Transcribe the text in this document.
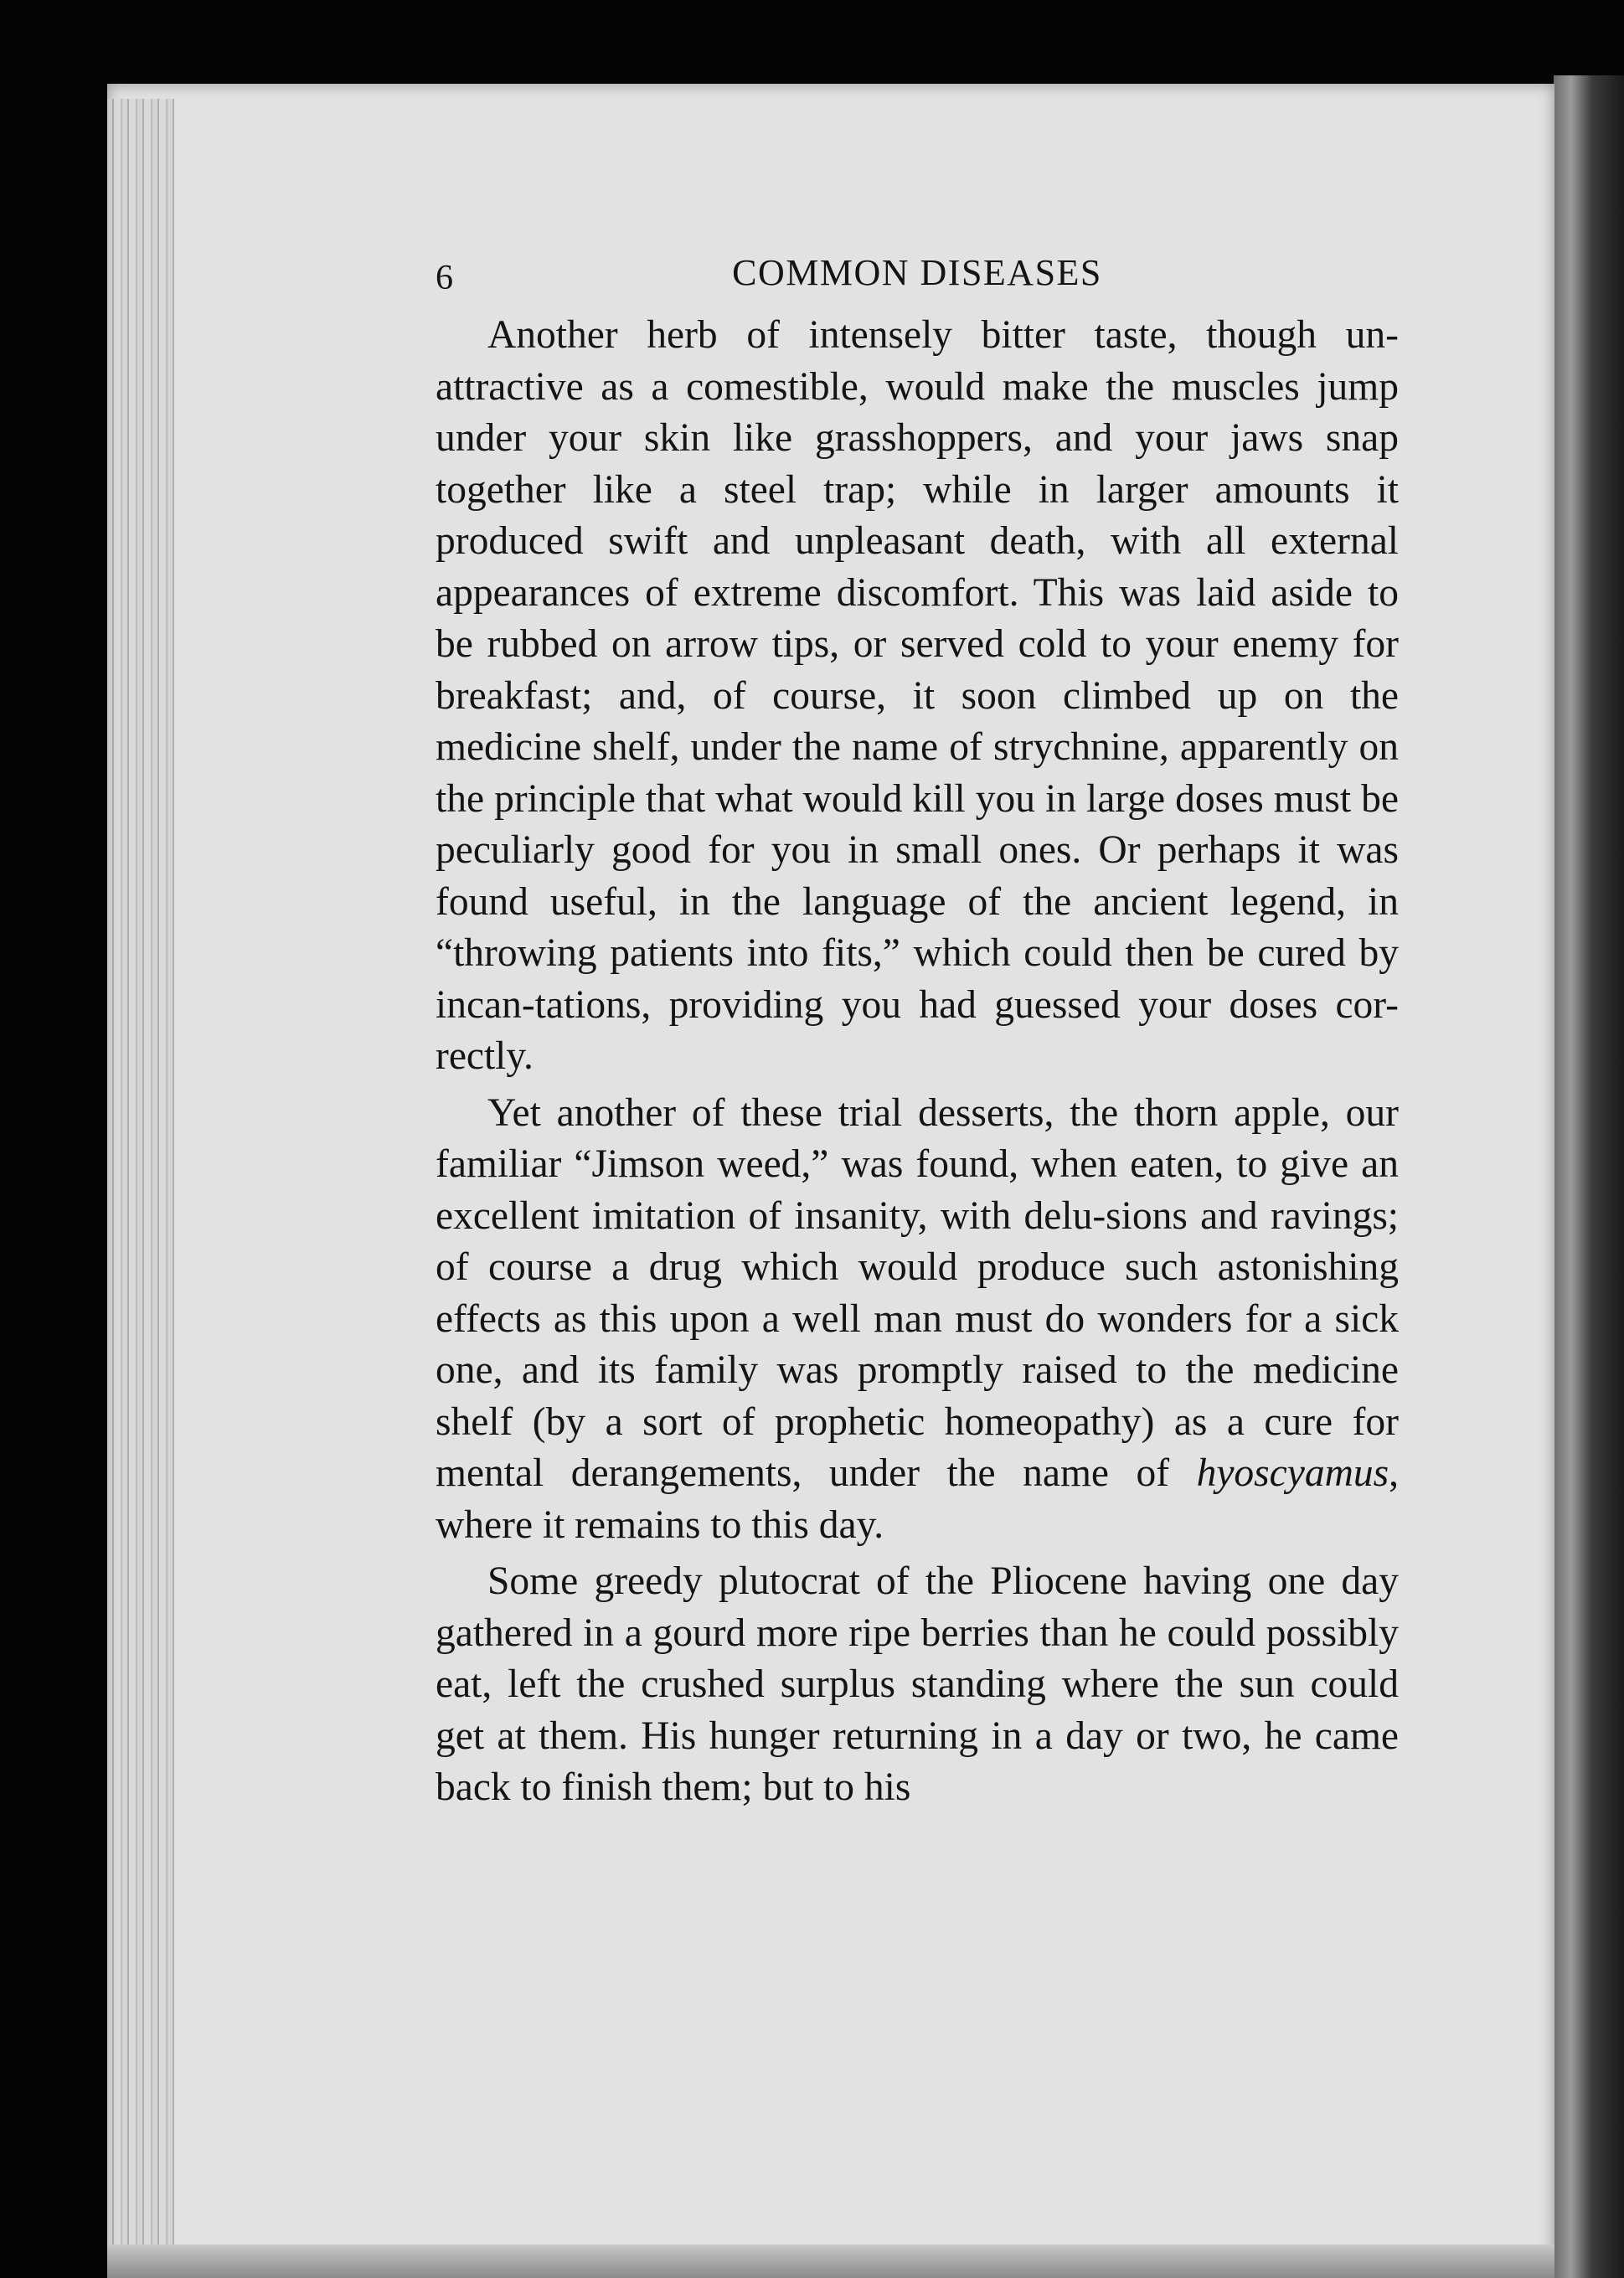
6	COMMON DISEASES

Another herb of intensely bitter taste, though un-attractive as a comestible, would make the muscles jump under your skin like grasshoppers, and your jaws snap together like a steel trap; while in larger amounts it produced swift and unpleasant death, with all external appearances of extreme discomfort. This was laid aside to be rubbed on arrow tips, or served cold to your enemy for breakfast; and, of course, it soon climbed up on the medicine shelf, under the name of strychnine, apparently on the principle that what would kill you in large doses must be peculiarly good for you in small ones. Or perhaps it was found useful, in the language of the ancient legend, in “throwing patients into fits,” which could then be cured by incan-tations, providing you had guessed your doses cor-rectly.

Yet another of these trial desserts, the thorn apple, our familiar “Jimson weed,” was found, when eaten, to give an excellent imitation of insanity, with delu-sions and ravings; of course a drug which would produce such astonishing effects as this upon a well man must do wonders for a sick one, and its family was promptly raised to the medicine shelf (by a sort of prophetic homeopathy) as a cure for mental derangements, under the name of hyoscyamus, where it remains to this day.

Some greedy plutocrat of the Pliocene having one day gathered in a gourd more ripe berries than he could possibly eat, left the crushed surplus standing where the sun could get at them. His hunger returning in a day or two, he came back to finish them; but to his
